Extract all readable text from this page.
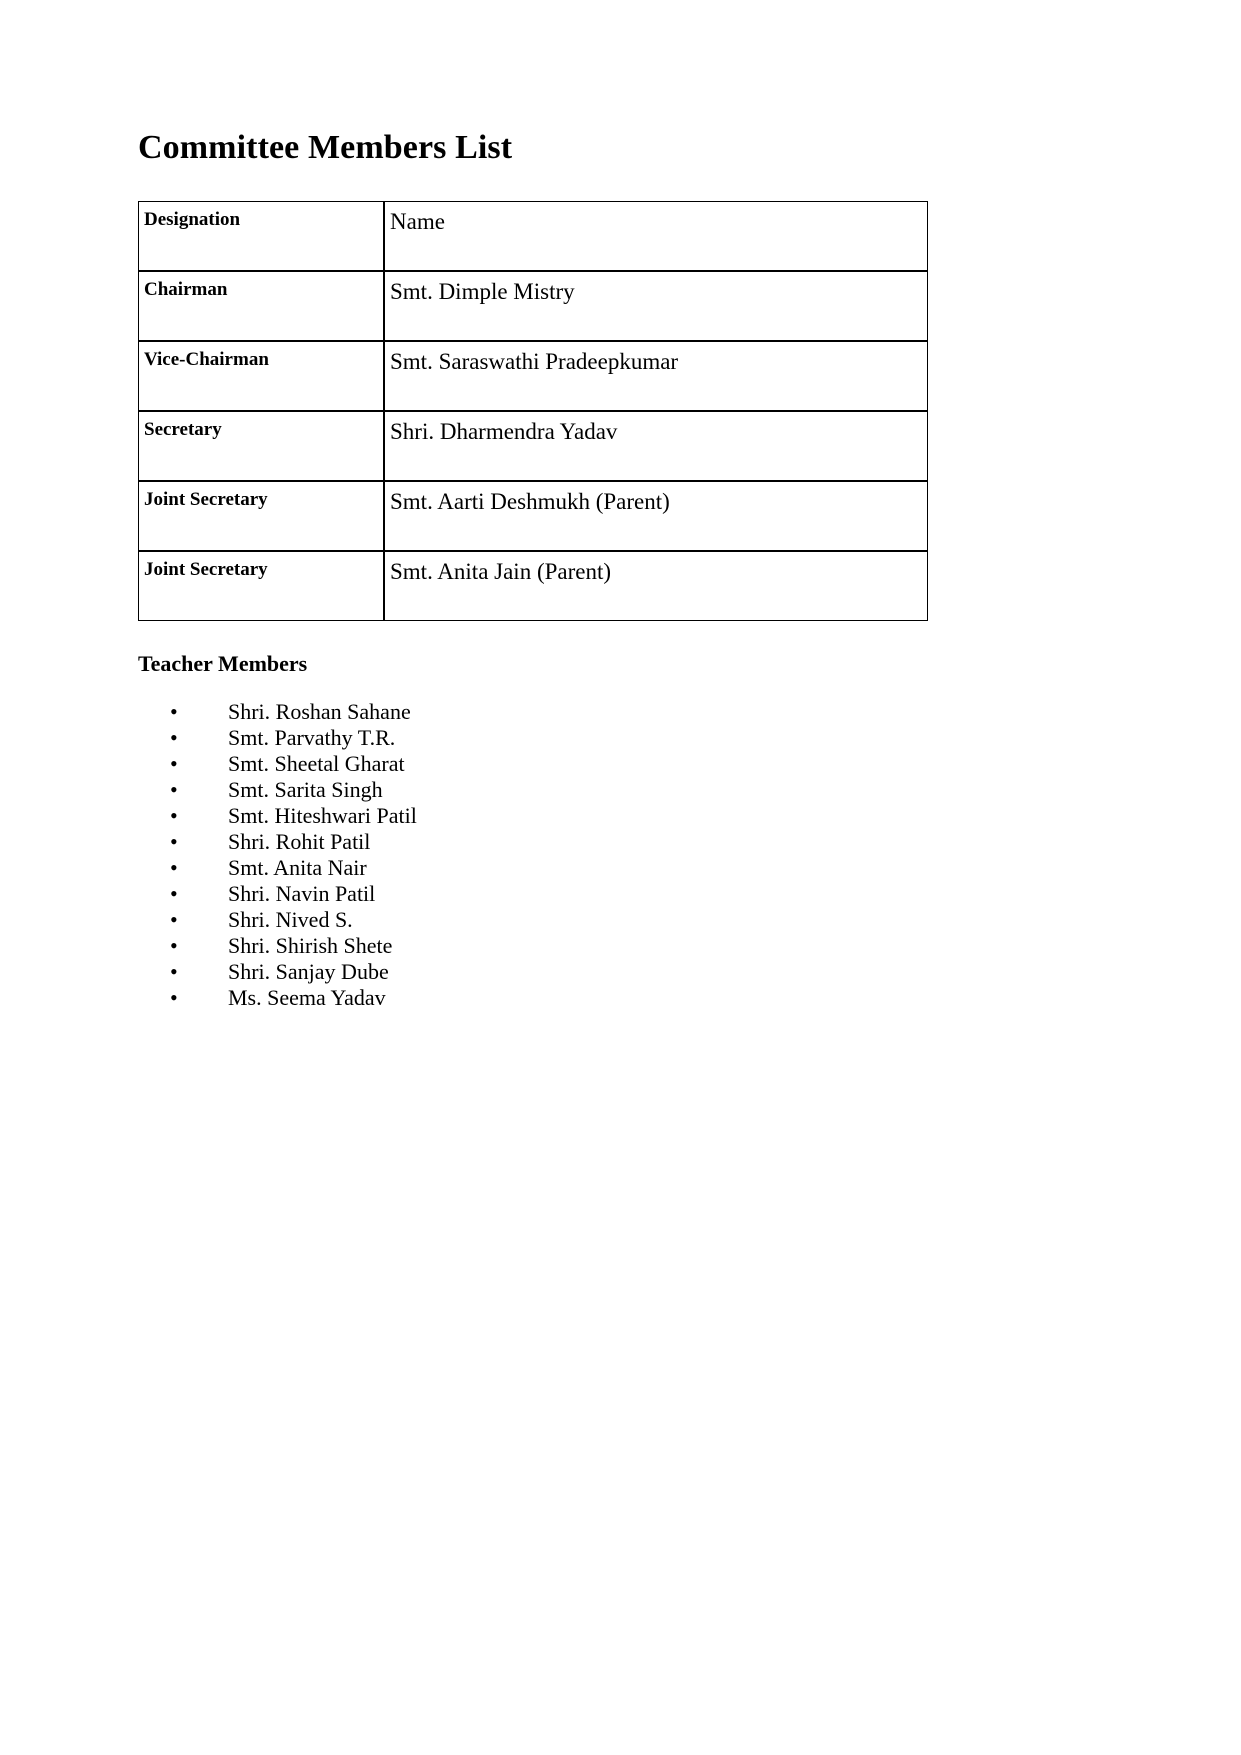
Committee Members List
Designation	Name
Chairman	Smt. Dimple Mistry
Vice-Chairman	Smt. Saraswathi Pradeepkumar
Secretary	Shri. Dharmendra Yadav
Joint Secretary	Smt. Aarti Deshmukh (Parent)
Joint Secretary	Smt. Anita Jain (Parent)
Teacher Members
• Shri. Roshan Sahane
• Smt. Parvathy T.R.
• Smt. Sheetal Gharat
• Smt. Sarita Singh
• Smt. Hiteshwari Patil
• Shri. Rohit Patil
• Smt. Anita Nair
• Shri. Navin Patil
• Shri. Nived S.
• Shri. Shirish Shete
• Shri. Sanjay Dube
• Ms. Seema Yadav
